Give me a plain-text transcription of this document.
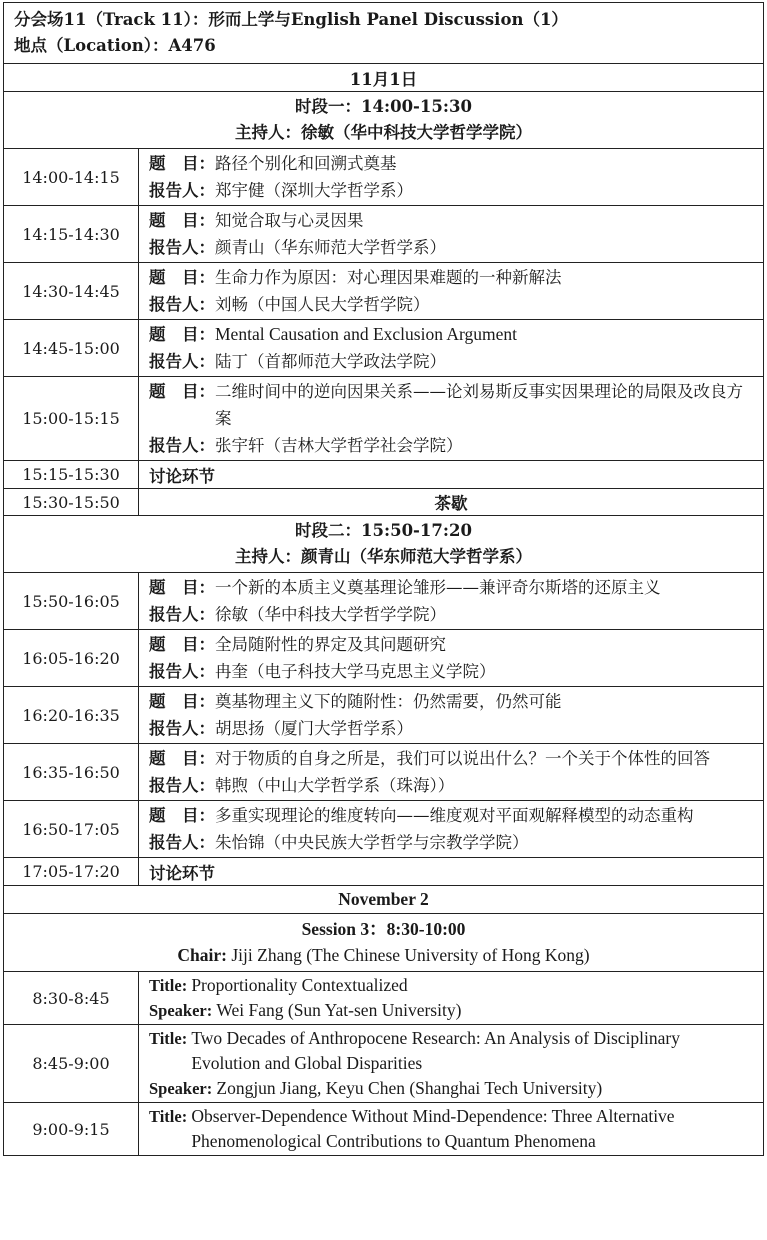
分会场11（Track 11）：形而上学与English Panel Discussion（1）
地点（Location）：A476	

11月1日	

时段一：14:00-15:30
主持人：徐敏（华中科技大学哲学学院）	

14:00-14:15	题　目： 路径个别化和回溯式奠基
报告人： 郑宇健（深圳大学哲学系）

14:15-14:30	题　目： 知觉合取与心灵因果
报告人： 颜青山（华东师范大学哲学系）

14:30-14:45	题　目： 生命力作为原因：对心理因果难题的一种新解法
报告人： 刘畅（中国人民大学哲学院）

14:45-15:00	题　目： Mental Causation and Exclusion Argument
报告人： 陆丁（首都师范大学政法学院）

15:00-15:15	题　目： 二维时间中的逆向因果关系——论刘易斯反事实因果理论的局限及改良方案
报告人： 张宇轩（吉林大学哲学社会学院）

15:15-15:30	讨论环节
15:30-15:50	茶歇

时段二：15:50-17:20
主持人：颜青山（华东师范大学哲学系）	

15:50-16:05	题　目： 一个新的本质主义奠基理论雏形——兼评奇尔斯塔的还原主义
报告人： 徐敏（华中科技大学哲学学院）

16:05-16:20	题　目： 全局随附性的界定及其问题研究
报告人： 冉奎（电子科技大学马克思主义学院）

16:20-16:35	题　目： 奠基物理主义下的随附性：仍然需要，仍然可能
报告人： 胡思扬（厦门大学哲学系）

16:35-16:50	题　目： 对于物质的自身之所是，我们可以说出什么？一个关于个体性的回答
报告人： 韩煦（中山大学哲学系（珠海））

16:50-17:05	题　目： 多重实现理论的维度转向——维度观对平面观解释模型的动态重构
报告人： 朱怡锦（中央民族大学哲学与宗教学学院）

17:05-17:20	讨论环节
November 2	

Session 3：8:30-10:00
Chair: Jiji Zhang (The Chinese University of Hong Kong)	

8:30-8:45	Title: Proportionality Contextualized
Speaker: Wei Fang (Sun Yat-sen University)

8:45-9:00	Title: Two Decades of Anthropocene Research: An Analysis of Disciplinary Evolution and Global Disparities
Speaker: Zongjun Jiang, Keyu Chen (Shanghai Tech University)

9:00-9:15	Title: Observer-Dependence Without Mind-Dependence: Three Alternative Phenomenological Contributions to Quantum Phenomena
